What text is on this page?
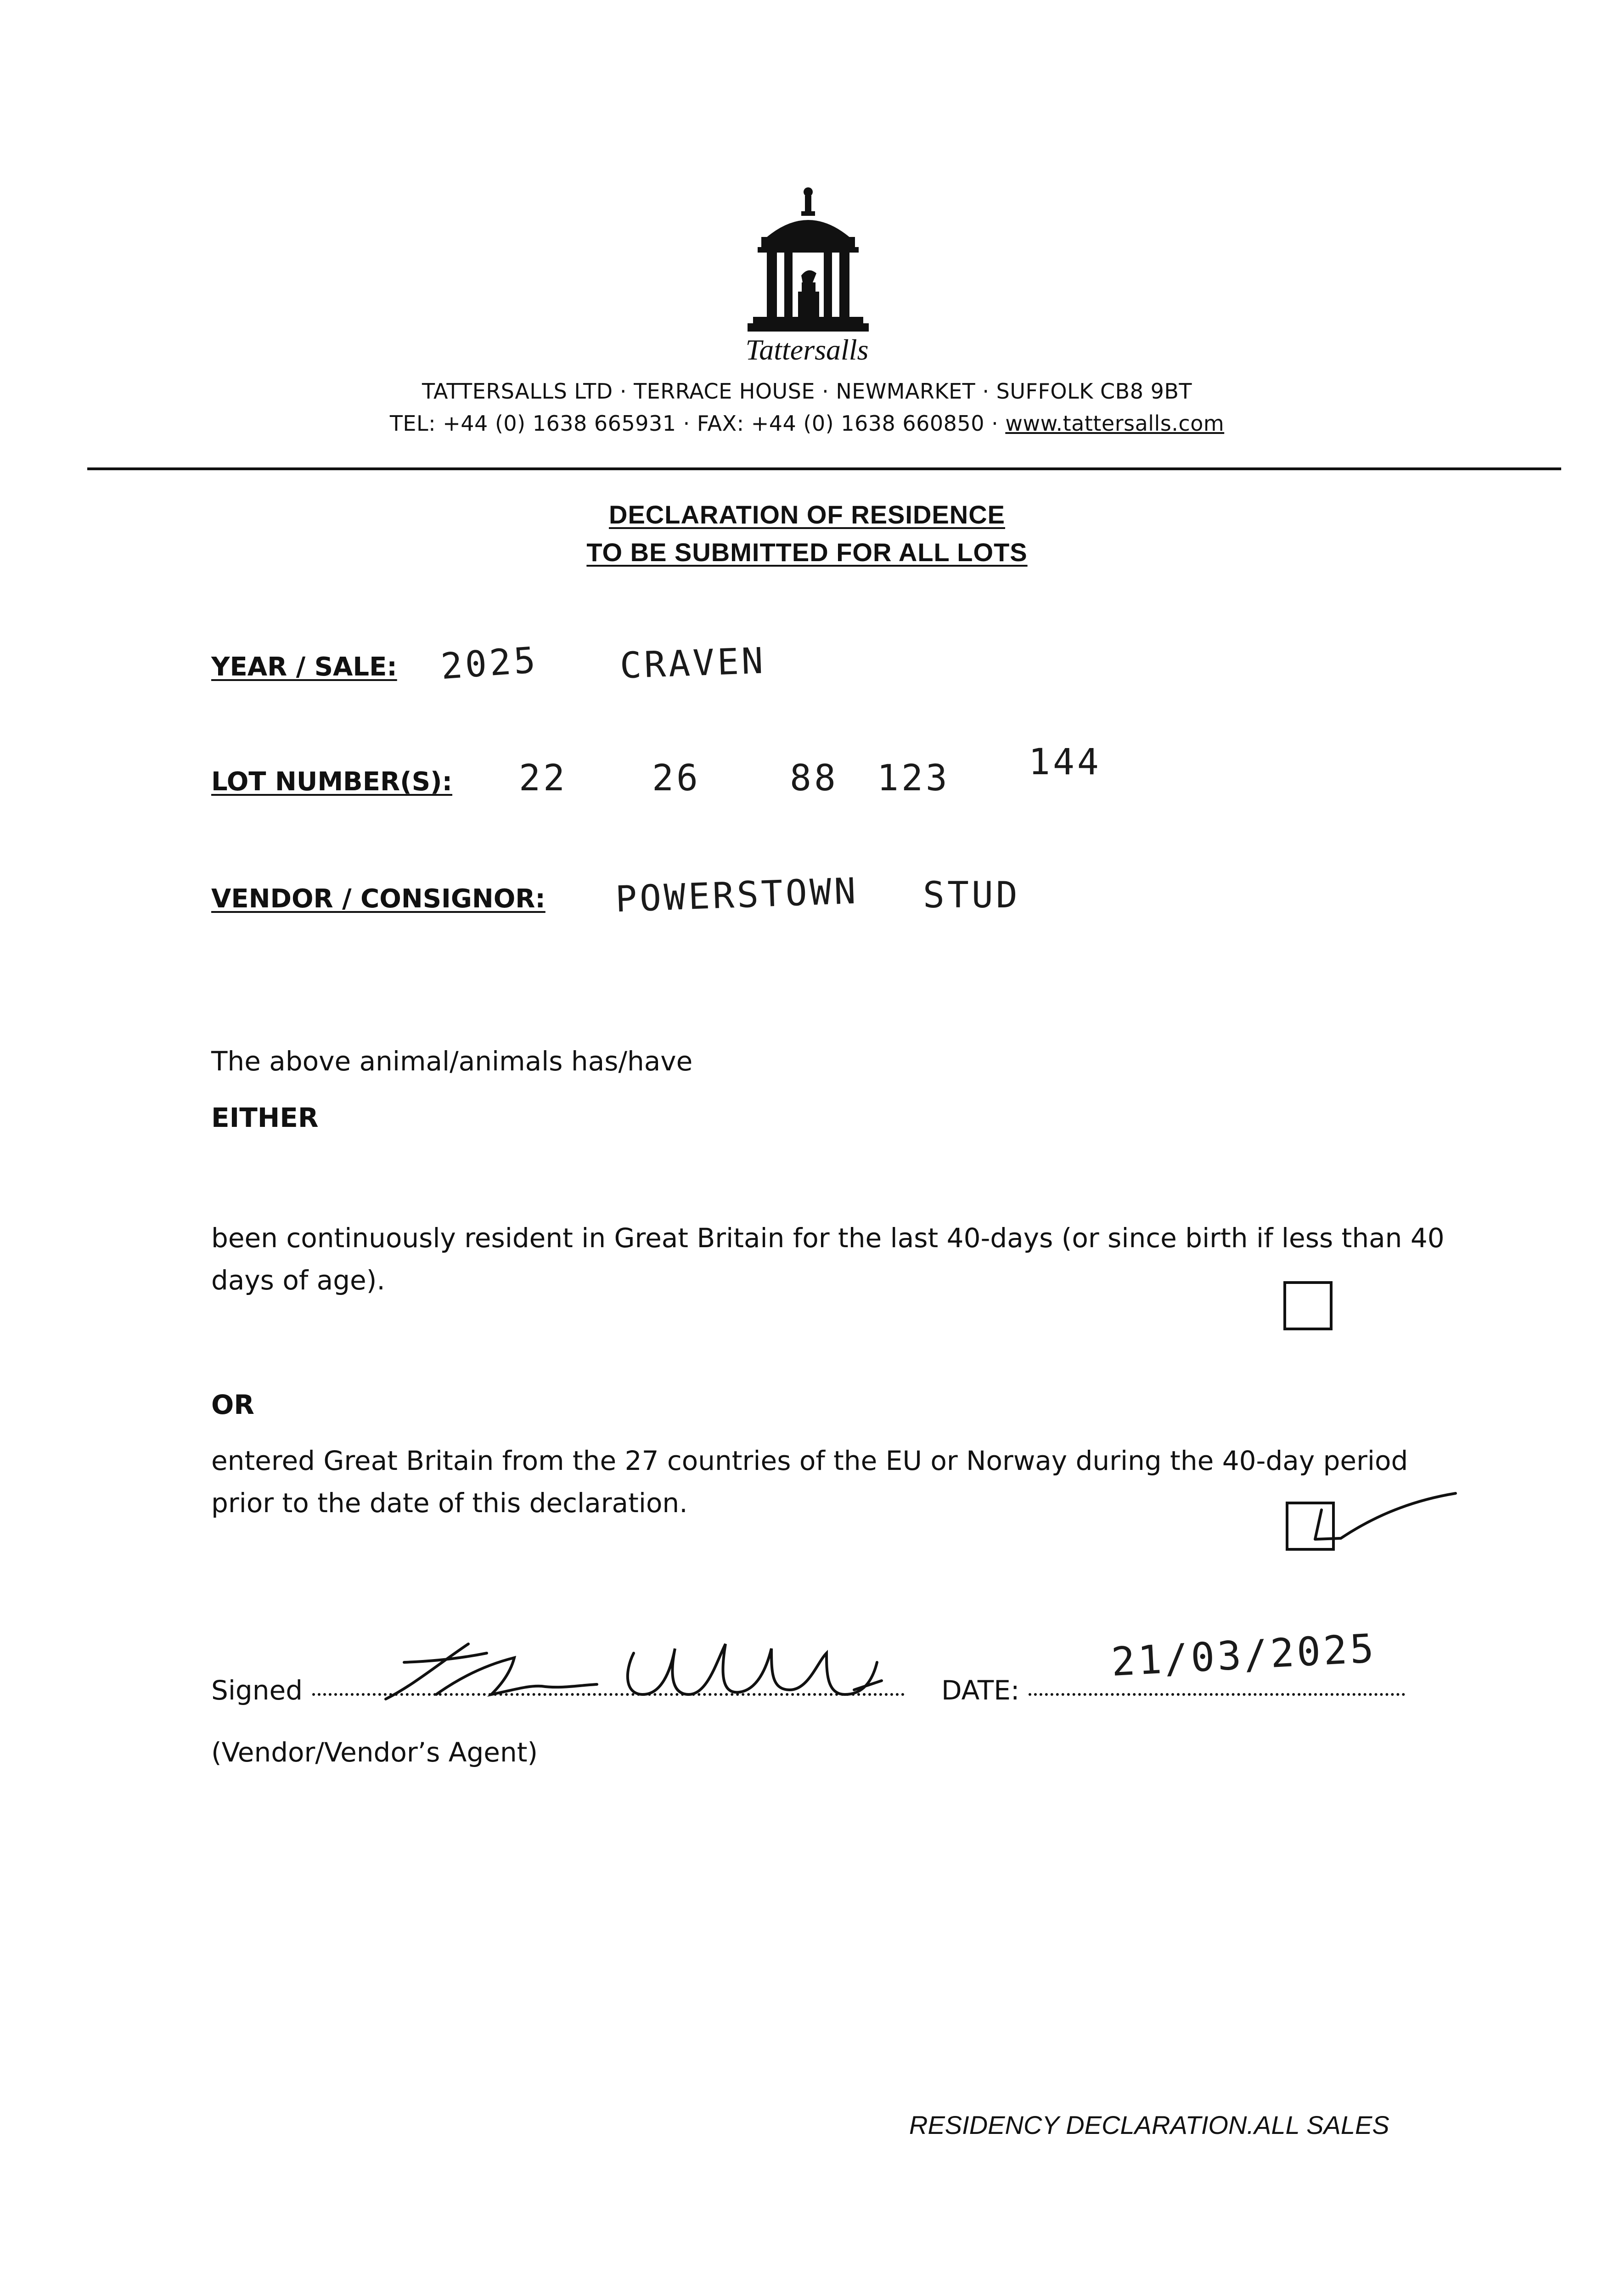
Tattersalls
TATTERSALLS LTD · TERRACE HOUSE · NEWMARKET · SUFFOLK CB8 9BT
TEL: +44 (0) 1638 665931 · FAX: +44 (0) 1638 660850 · www.tattersalls.com
DECLARATION OF RESIDENCE
TO BE SUBMITTED FOR ALL LOTS
YEAR / SALE: 2025 CRAVEN
LOT NUMBER(S): 22 26 88 123 144
VENDOR / CONSIGNOR: POWERSTOWN STUD
The above animal/animals has/have
EITHER
been continuously resident in Great Britain for the last 40-days (or since birth if less than 40 days of age).
OR
entered Great Britain from the 27 countries of the EU or Norway during the 40-day period prior to the date of this declaration.
Signed	DATE:
21/03/2025
(Vendor/Vendor’s Agent)
RESIDENCY DECLARATION.ALL SALES
